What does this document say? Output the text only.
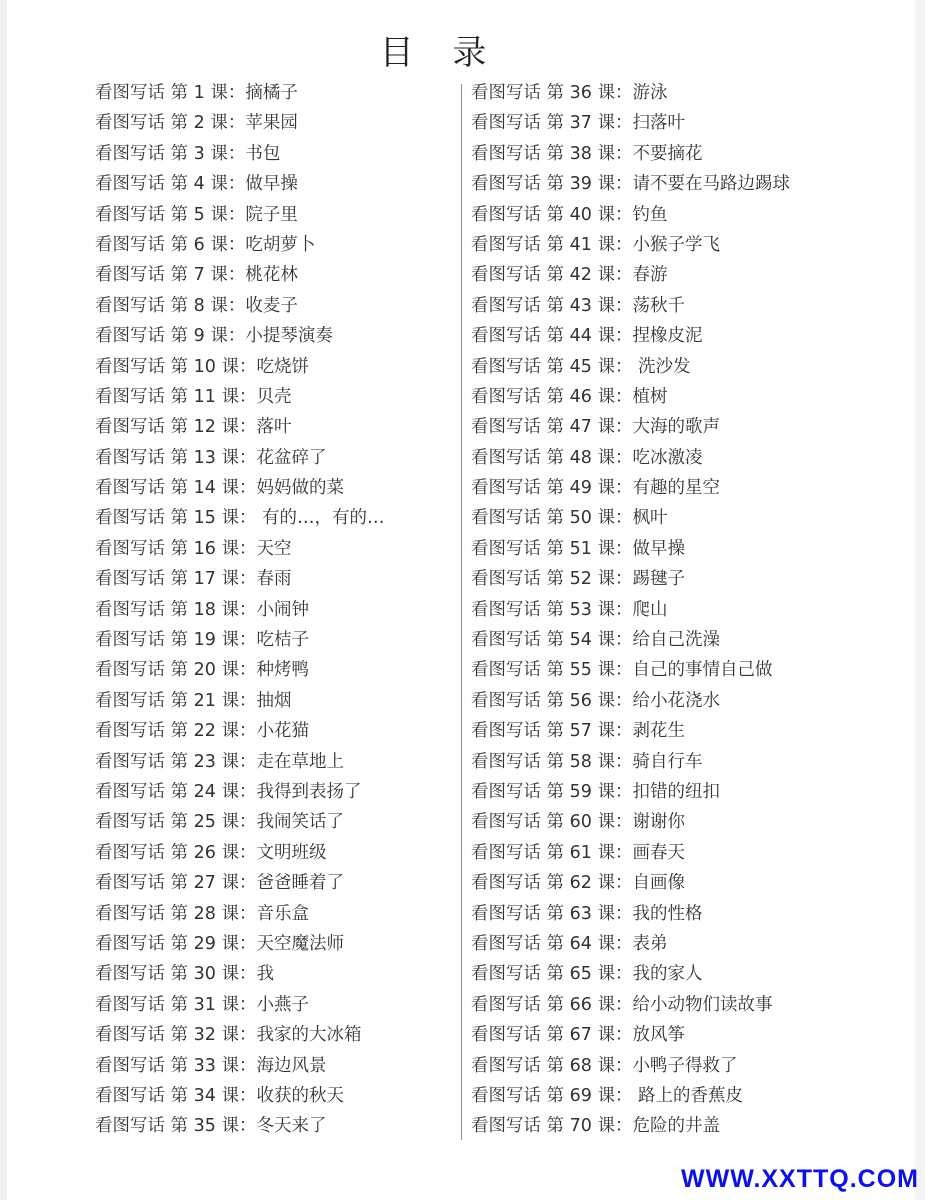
目 录
看图写话 第 1 课：摘橘子
看图写话 第 2 课：苹果园
看图写话 第 3 课：书包
看图写话 第 4 课：做早操
看图写话 第 5 课：院子里
看图写话 第 6 课：吃胡萝卜
看图写话 第 7 课：桃花林
看图写话 第 8 课：收麦子
看图写话 第 9 课：小提琴演奏
看图写话 第 10 课：吃烧饼
看图写话 第 11 课：贝壳
看图写话 第 12 课：落叶
看图写话 第 13 课：花盆碎了
看图写话 第 14 课：妈妈做的菜
看图写话 第 15 课： 有的…，有的…
看图写话 第 16 课：天空
看图写话 第 17 课：春雨
看图写话 第 18 课：小闹钟
看图写话 第 19 课：吃桔子
看图写话 第 20 课：种烤鸭
看图写话 第 21 课：抽烟
看图写话 第 22 课：小花猫
看图写话 第 23 课：走在草地上
看图写话 第 24 课：我得到表扬了
看图写话 第 25 课：我闹笑话了
看图写话 第 26 课：文明班级
看图写话 第 27 课：爸爸睡着了
看图写话 第 28 课：音乐盒
看图写话 第 29 课：天空魔法师
看图写话 第 30 课：我
看图写话 第 31 课：小燕子
看图写话 第 32 课：我家的大冰箱
看图写话 第 33 课：海边风景
看图写话 第 34 课：收获的秋天
看图写话 第 35 课：冬天来了
看图写话 第 36 课：游泳
看图写话 第 37 课：扫落叶
看图写话 第 38 课：不要摘花
看图写话 第 39 课：请不要在马路边踢球
看图写话 第 40 课：钓鱼
看图写话 第 41 课：小猴子学飞
看图写话 第 42 课：春游
看图写话 第 43 课：荡秋千
看图写话 第 44 课：捏橡皮泥
看图写话 第 45 课： 洗沙发
看图写话 第 46 课：植树
看图写话 第 47 课：大海的歌声
看图写话 第 48 课：吃冰激凌
看图写话 第 49 课：有趣的星空
看图写话 第 50 课：枫叶
看图写话 第 51 课：做早操
看图写话 第 52 课：踢毽子
看图写话 第 53 课：爬山
看图写话 第 54 课：给自己洗澡
看图写话 第 55 课：自己的事情自己做
看图写话 第 56 课：给小花浇水
看图写话 第 57 课：剥花生
看图写话 第 58 课：骑自行车
看图写话 第 59 课：扣错的纽扣
看图写话 第 60 课：谢谢你
看图写话 第 61 课：画春天
看图写话 第 62 课：自画像
看图写话 第 63 课：我的性格
看图写话 第 64 课：表弟
看图写话 第 65 课：我的家人
看图写话 第 66 课：给小动物们读故事
看图写话 第 67 课：放风筝
看图写话 第 68 课：小鸭子得救了
看图写话 第 69 课： 路上的香蕉皮
看图写话 第 70 课：危险的井盖
WWW.XXTTQ.COM
